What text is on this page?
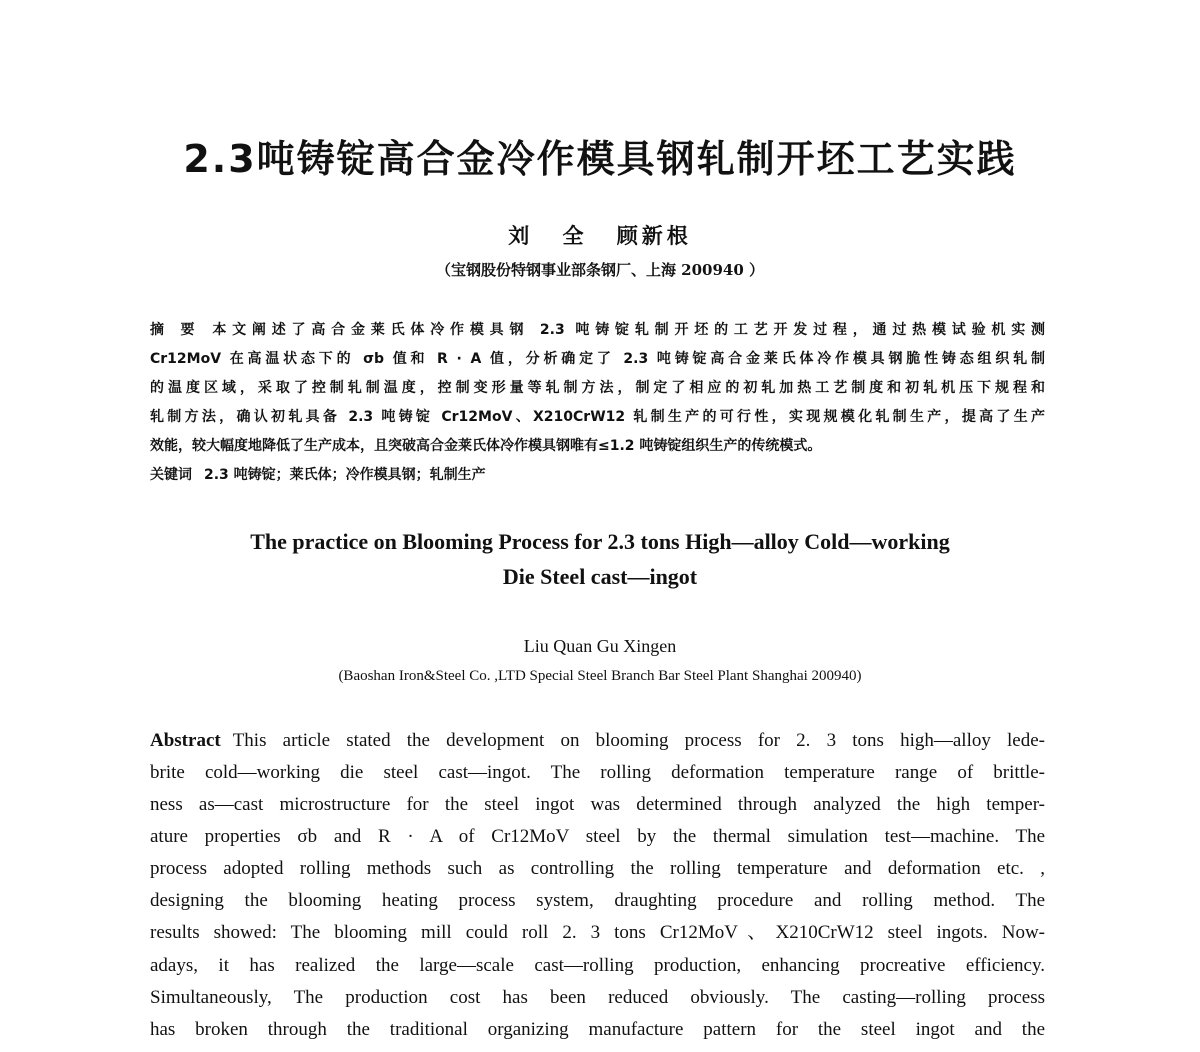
2.3吨铸锭高合金冷作模具钢轧制开坯工艺实践
刘 全 顾新根
（宝钢股份特钢事业部条钢厂、上海 200940 ）
摘 要 本文阐述了高合金莱氏体冷作模具钢 2.3 吨铸锭轧制开坯的工艺开发过程，通过热模试验机实测
Cr12MoV 在高温状态下的 σb 值和 R · A 值，分析确定了 2.3 吨铸锭高合金莱氏体冷作模具钢脆性铸态组织轧制
的温度区域，采取了控制轧制温度，控制变形量等轧制方法，制定了相应的初轧加热工艺制度和初轧机压下规程和
轧制方法，确认初轧具备 2.3 吨铸锭 Cr12MoV、X210CrW12 轧制生产的可行性，实现规模化轧制生产，提高了生产
效能，较大幅度地降低了生产成本，且突破高合金莱氏体冷作模具钢唯有≤1.2 吨铸锭组织生产的传统模式。
关键词 2.3 吨铸锭；莱氏体；冷作模具钢；轧制生产
The practice on Blooming Process for 2.3 tons High—alloy Cold—working
Die Steel cast—ingot
Liu Quan Gu Xingen
(Baoshan Iron&Steel Co. ,LTD Special Steel Branch Bar Steel Plant Shanghai 200940)
Abstract This article stated the development on blooming process for 2. 3 tons high—alloy lede-
brite cold—working die steel cast—ingot. The rolling deformation temperature range of brittle-
ness as—cast microstructure for the steel ingot was determined through analyzed the high temper-
ature properties σb and R · A of Cr12MoV steel by the thermal simulation test—machine. The
process adopted rolling methods such as controlling the rolling temperature and deformation etc. ,
designing the blooming heating process system, draughting procedure and rolling method. The
results showed: The blooming mill could roll 2. 3 tons Cr12MoV、X210CrW12 steel ingots. Now-
adays, it has realized the large—scale cast—rolling production, enhancing procreative efficiency.
Simultaneously, The production cost has been reduced obviously. The casting—rolling process
has broken through the traditional organizing manufacture pattern for the steel ingot and the
